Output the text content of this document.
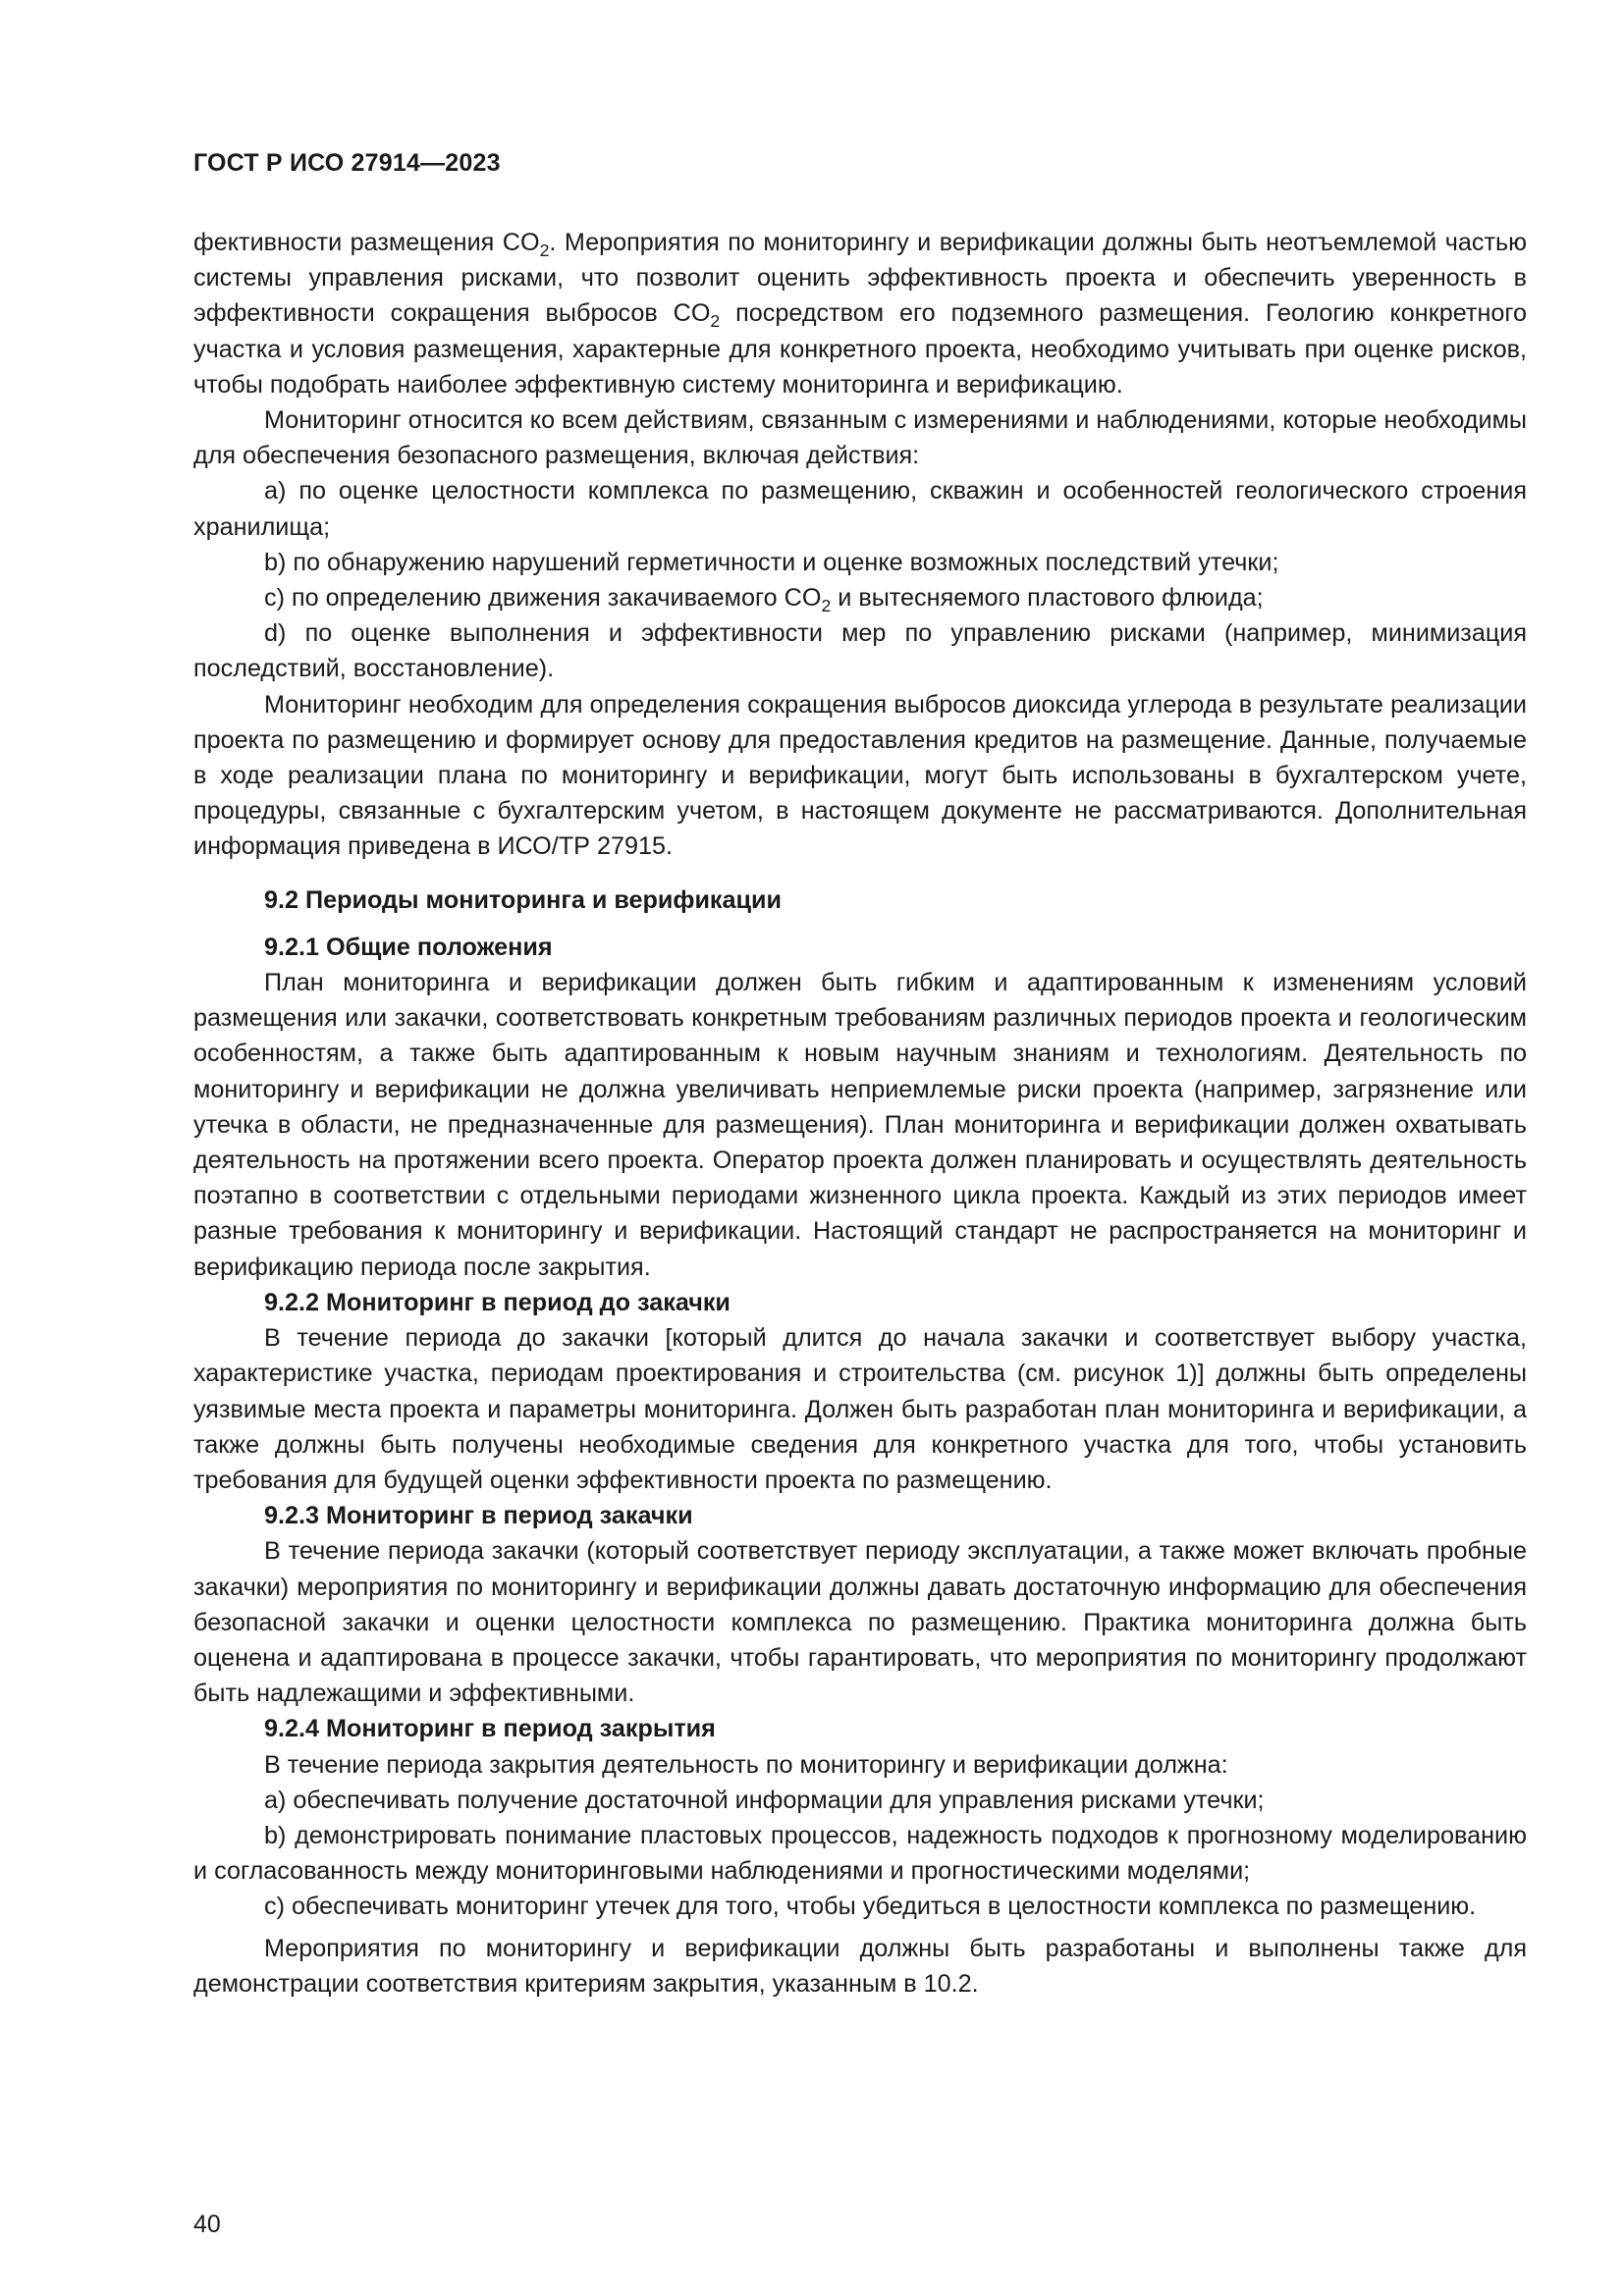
ГОСТ Р ИСО 27914—2023

фективности размещения $CO_2$. Мероприятия по мониторингу и верификации должны быть неотъемлемой частью системы управления рисками, что позволит оценить эффективность проекта и обеспечить уверенность в эффективности сокращения выбросов $CO_2$ посредством его подземного размещения. Геологию конкретного участка и условия размещения, характерные для конкретного проекта, необходимо учитывать при оценке рисков, чтобы подобрать наиболее эффективную систему мониторинга и верификацию.

Мониторинг относится ко всем действиям, связанным с измерениями и наблюдениями, которые необходимы для обеспечения безопасного размещения, включая действия:

a) по оценке целостности комплекса по размещению, скважин и особенностей геологического строения хранилища;

b) по обнаружению нарушений герметичности и оценке возможных последствий утечки;

c) по определению движения закачиваемого $CO_2$ и вытесняемого пластового флюида;

d) по оценке выполнения и эффективности мер по управлению рисками (например, минимизация последствий, восстановление).

Мониторинг необходим для определения сокращения выбросов диоксида углерода в результате реализации проекта по размещению и формирует основу для предоставления кредитов на размещение. Данные, получаемые в ходе реализации плана по мониторингу и верификации, могут быть использованы в бухгалтерском учете, процедуры, связанные с бухгалтерским учетом, в настоящем документе не рассматриваются. Дополнительная информация приведена в ИСО/ТР 27915.

9.2 Периоды мониторинга и верификации
9.2.1 Общие положения

План мониторинга и верификации должен быть гибким и адаптированным к изменениям условий размещения или закачки, соответствовать конкретным требованиям различных периодов проекта и геологическим особенностям, а также быть адаптированным к новым научным знаниям и технологиям. Деятельность по мониторингу и верификации не должна увеличивать неприемлемые риски проекта (например, загрязнение или утечка в области, не предназначенные для размещения). План мониторинга и верификации должен охватывать деятельность на протяжении всего проекта. Оператор проекта должен планировать и осуществлять деятельность поэтапно в соответствии с отдельными периодами жизненного цикла проекта. Каждый из этих периодов имеет разные требования к мониторингу и верификации. Настоящий стандарт не распространяется на мониторинг и верификацию периода после закрытия.

9.2.2 Мониторинг в период до закачки

В течение периода до закачки [который длится до начала закачки и соответствует выбору участка, характеристике участка, периодам проектирования и строительства (см. рисунок 1)] должны быть определены уязвимые места проекта и параметры мониторинга. Должен быть разработан план мониторинга и верификации, а также должны быть получены необходимые сведения для конкретного участка для того, чтобы установить требования для будущей оценки эффективности проекта по размещению.

9.2.3 Мониторинг в период закачки

В течение периода закачки (который соответствует периоду эксплуатации, а также может включать пробные закачки) мероприятия по мониторингу и верификации должны давать достаточную информацию для обеспечения безопасной закачки и оценки целостности комплекса по размещению. Практика мониторинга должна быть оценена и адаптирована в процессе закачки, чтобы гарантировать, что мероприятия по мониторингу продолжают быть надлежащими и эффективными.

9.2.4 Мониторинг в период закрытия

В течение периода закрытия деятельность по мониторингу и верификации должна:

a) обеспечивать получение достаточной информации для управления рисками утечки;

b) демонстрировать понимание пластовых процессов, надежность подходов к прогнозному моделированию и согласованность между мониторинговыми наблюдениями и прогностическими моделями;

c) обеспечивать мониторинг утечек для того, чтобы убедиться в целостности комплекса по размещению.

Мероприятия по мониторингу и верификации должны быть разработаны и выполнены также для демонстрации соответствия критериям закрытия, указанным в 10.2.

40
